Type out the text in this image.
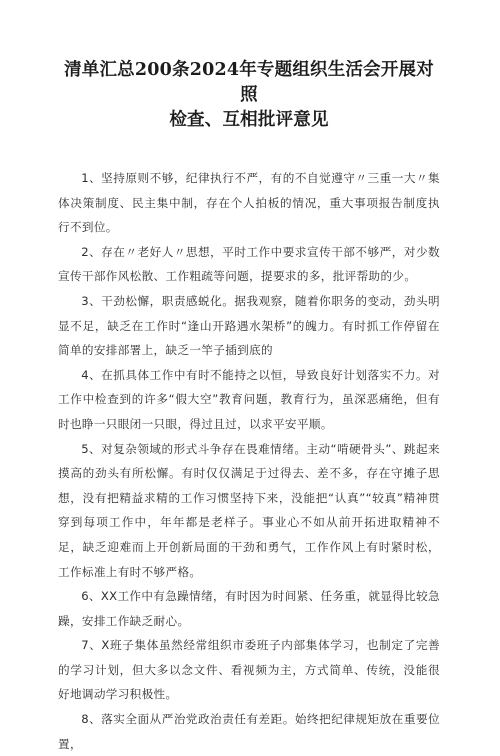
清单汇总200条2024年专题组织生活会开展对照
检查、互相批评意见

1、坚持原则不够，纪律执行不严，有的不自觉遵守〃三重一大〃集体决策制度、民主集中制，存在个人拍板的情况，重大事项报告制度执行不到位。

2、存在〃老好人〃思想，平时工作中要求宣传干部不够严，对少数宣传干部作风松散、工作粗疏等问题，提要求的多，批评帮助的少。

3、干劲松懈，职责感蜕化。据我观察，随着你职务的变动，劲头明显不足，缺乏在工作时“逢山开路遇水架桥”的魄力。有时抓工作停留在简单的安排部署上，缺乏一竿子插到底的

4、在抓具体工作中有时不能持之以恒，导致良好计划落实不力。对工作中检查到的许多“假大空”教育问题，教育行为，虽深恶痛绝，但有时也睁一只眼闭一只眼，得过且过，以求平安平顺。

5、对复杂领域的形式斗争存在畏难情绪。主动“啃硬骨头”、跳起来摸高的劲头有所松懈。有时仅仅满足于过得去、差不多，存在守摊子思想，没有把精益求精的工作习惯坚持下来，没能把“认真”“较真”精神贯穿到每项工作中，年年都是老样子。事业心不如从前开拓进取精神不足，缺乏迎难而上开创新局面的干劲和勇气，工作作风上有时紧时松，工作标准上有时不够严格。

6、XX工作中有急躁情绪，有时因为时间紧、任务重，就显得比较急躁，安排工作缺乏耐心。

7、X班子集体虽然经常组织市委班子内部集体学习，也制定了完善的学习计划，但大多以念文件、看视频为主，方式简单、传统，没能很好地调动学习积极性。

8、落实全面从严治党政治责任有差距。始终把纪律规矩放在重要位置，
